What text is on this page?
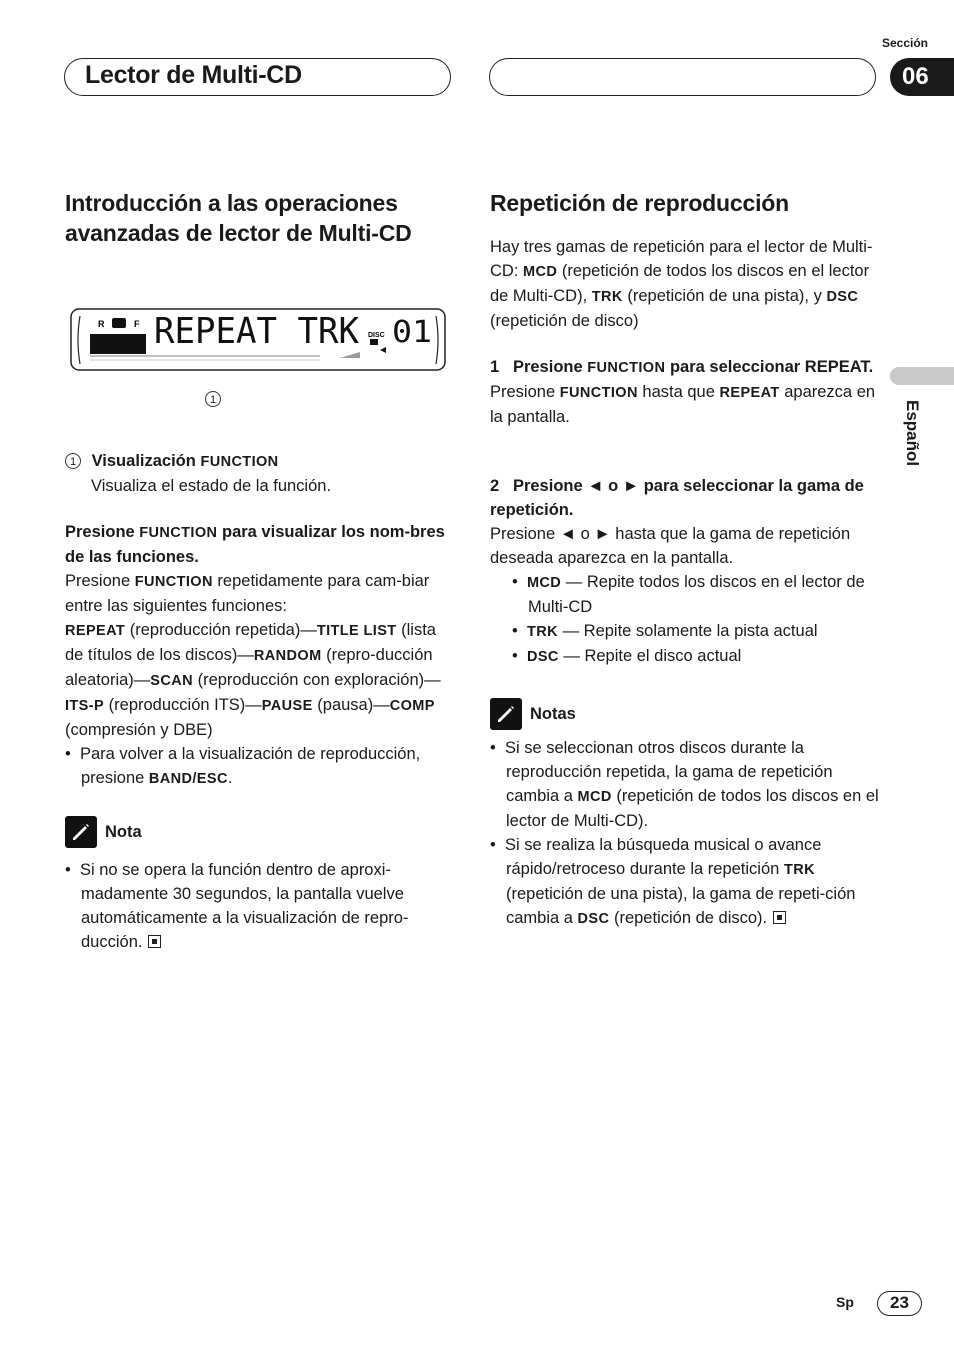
Sección
Lector de Multi-CD	06
Español
Introducción a las operaciones avanzadas de lector de Multi-CD
R	F REPEAT TRK DISC 01
1

1 Visualización FUNCTION

Visualiza el estado de la función.

Presione FUNCTION para visualizar los nom-bres de las funciones.

Presione FUNCTION repetidamente para cam-biar entre las siguientes funciones:

REPEAT (reproducción repetida)—TITLE LIST (lista de títulos de los discos)—RANDOM (repro-ducción aleatoria)—SCAN (reproducción con exploración)—ITS-P (reproducción ITS)—PAUSE (pausa)—COMP (compresión y DBE)

•  Para volver a la visualización de reproducción, presione BAND/ESC.

Nota

•  Si no se opera la función dentro de aproxi-madamente 30 segundos, la pantalla vuelve automáticamente a la visualización de repro-ducción.

Repetición de reproducción

Hay tres gamas de repetición para el lector de Multi-CD: MCD (repetición de todos los discos en el lector de Multi-CD), TRK (repetición de una pista), y DSC (repetición de disco)

1 Presione FUNCTION para seleccionar REPEAT.

Presione FUNCTION hasta que REPEAT aparezca en la pantalla.

2 Presione ◄ o ► para seleccionar la gama de repetición.

Presione ◄ o ► hasta que la gama de repetición deseada aparezca en la pantalla.

•  MCD — Repite todos los discos en el lector de Multi-CD

•  TRK — Repite solamente la pista actual

•  DSC — Repite el disco actual

Notas

•  Si se seleccionan otros discos durante la reproducción repetida, la gama de repetición cambia a MCD (repetición de todos los discos en el lector de Multi-CD).

•  Si se realiza la búsqueda musical o avance rápido/retroceso durante la repetición TRK (repetición de una pista), la gama de repeti-ción cambia a DSC (repetición de disco).

Sp	23
